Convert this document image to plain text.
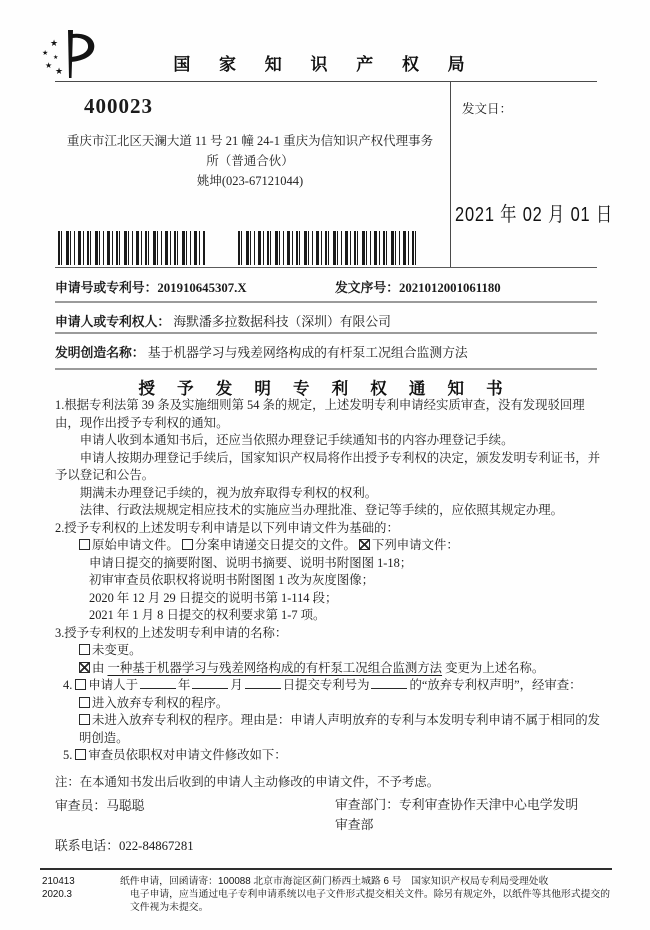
★
★
★
★
★	国 家 知 识 产 权 局
400023
重庆市江北区天澜大道 11 号 21 幢 24-1 重庆为信知识产权代理事务
所（普通合伙）
姚坤(023-67121044)
发文日：
2021 年 02 月 01 日
申请号或专利号：201910645307.X	发文序号：2021012001061180
申请人或专利权人： 海默潘多拉数据科技（深圳）有限公司
发明创造名称： 基于机器学习与残差网络构成的有杆泵工况组合监测方法
授 予 发 明 专 利 权 通 知 书

1.根据专利法第 39 条及实施细则第 54 条的规定，上述发明专利申请经实质审查，没有发现驳回理由，现作出授予专利权的通知。

申请人收到本通知书后，还应当依照办理登记手续通知书的内容办理登记手续。

申请人按期办理登记手续后，国家知识产权局将作出授予专利权的决定，颁发发明专利证书，并予以登记和公告。

期满未办理登记手续的，视为放弃取得专利权的权利。

法律、行政法规规定相应技术的实施应当办理批准、登记等手续的，应依照其规定办理。

2.授予专利权的上述发明专利申请是以下列申请文件为基础的：

原始申请文件。 分案申请递交日提交的文件。 下列申请文件：

申请日提交的摘要附图、说明书摘要、说明书附图图 1-18；

初审审查员依职权将说明书附图图 1 改为灰度图像；

2020 年 12 月 29 日提交的说明书第 1-114 段；

2021 年 1 月 8 日提交的权利要求第 1-7 项。

3.授予专利权的上述发明专利申请的名称：

未变更。

由 一种基于机器学习与残差网络构成的有杆泵工况组合监测方法 变更为上述名称。

4. 申请人于	年	月	日提交专利号为	的“放弃专利权声明”，经审查：

进入放弃专利权的程序。

未进入放弃专利权的程序。理由是：申请人声明放弃的专利与本发明专利申请不属于相同的发明创造。

5. 审查员依职权对申请文件修改如下：

注：在本通知书发出后收到的申请人主动修改的申请文件，不予考虑。

审查员：马聪聪	审查部门：专利审查协作天津中心电学发明审查部
联系电话：022-84867281
210413
2020.3
纸件申请，回函请寄：100088 北京市海淀区蓟门桥西土城路 6 号　国家知识产权局专利局受理处收
电子申请，应当通过电子专利申请系统以电子文件形式提交相关文件。除另有规定外，以纸件等其他形式提交的文件视为未提交。
